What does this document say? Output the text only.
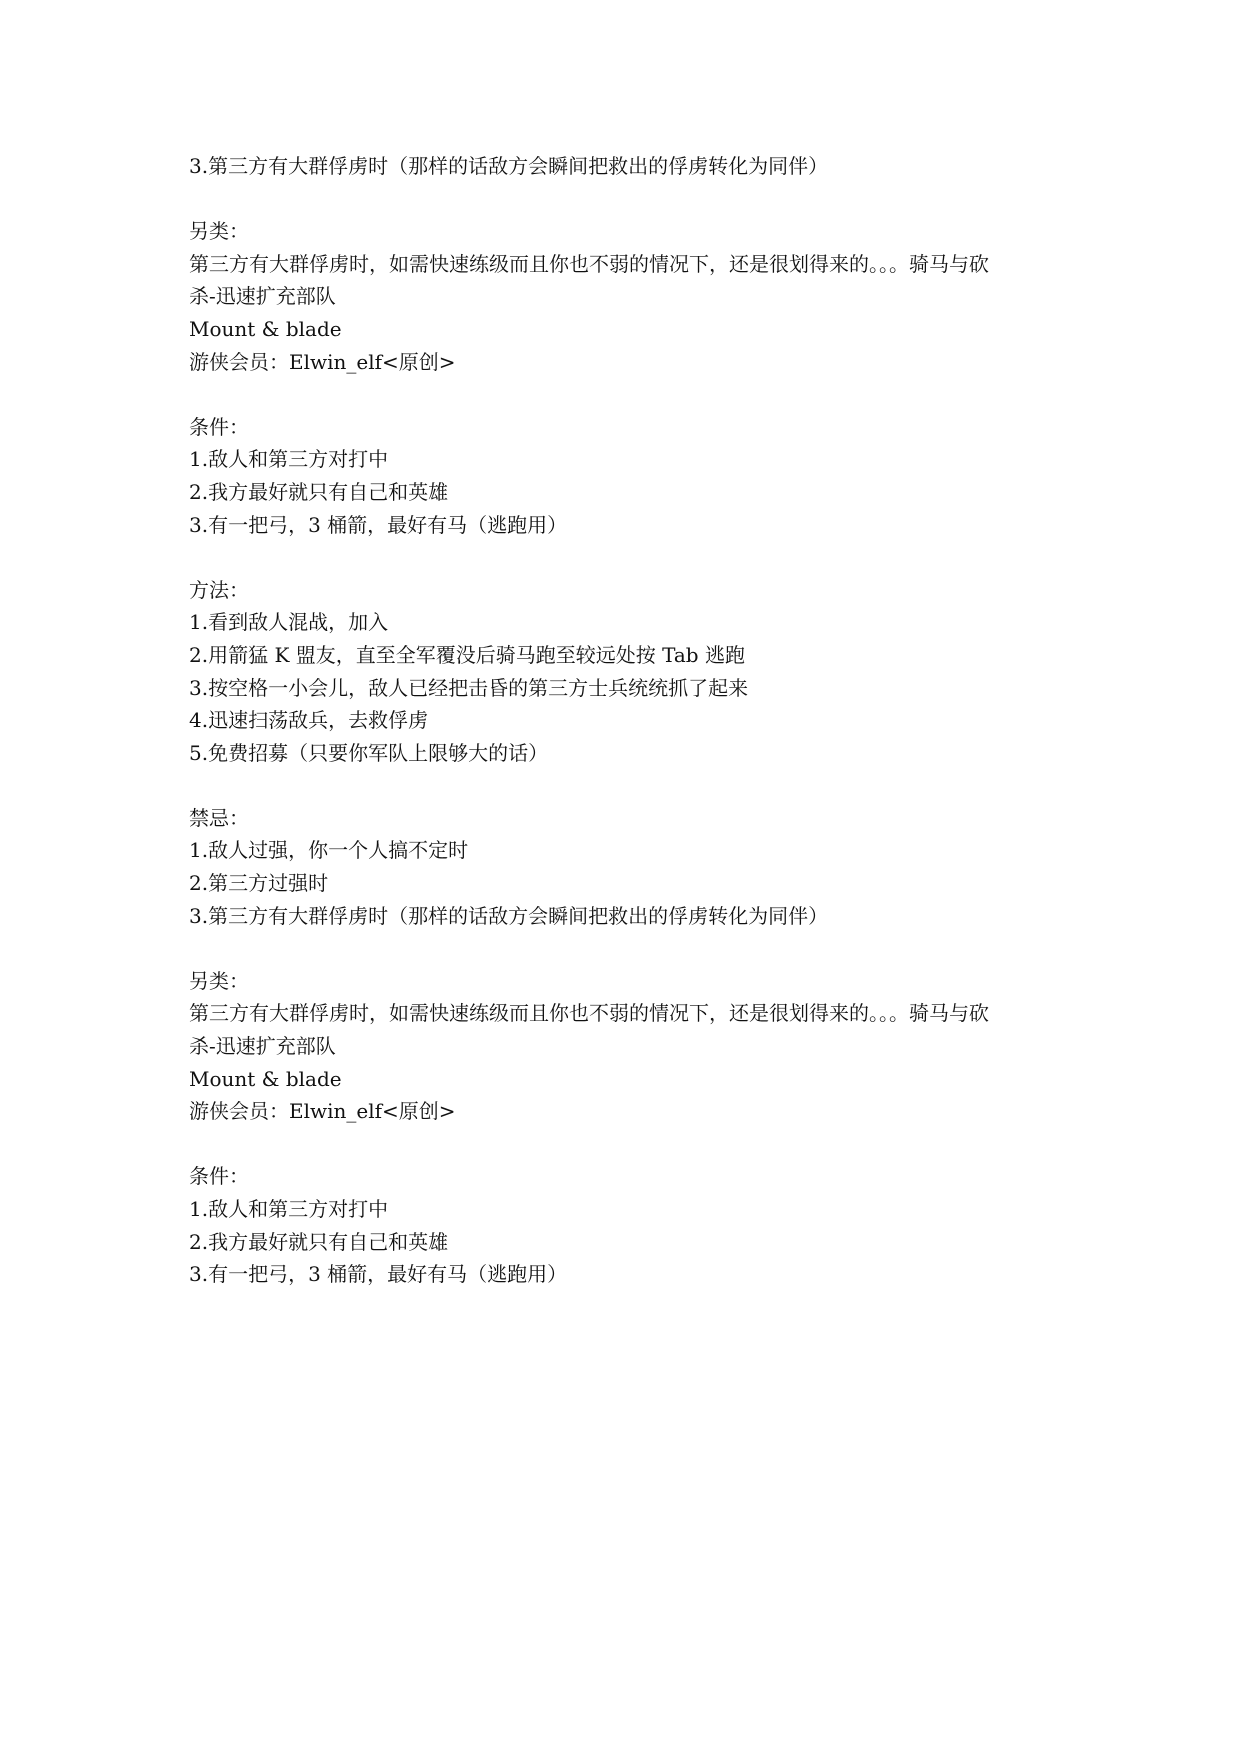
3.第三方有大群俘虏时（那样的话敌方会瞬间把救出的俘虏转化为同伴）
另类：
第三方有大群俘虏时，如需快速练级而且你也不弱的情况下，还是很划得来的。。。骑马与砍
杀-迅速扩充部队
Mount & blade
游侠会员：Elwin_elf<原创>
条件：
1.敌人和第三方对打中
2.我方最好就只有自己和英雄
3.有一把弓，3 桶箭，最好有马（逃跑用）
方法：
1.看到敌人混战，加入
2.用箭猛 K 盟友，直至全军覆没后骑马跑至较远处按 Tab 逃跑
3.按空格一小会儿，敌人已经把击昏的第三方士兵统统抓了起来
4.迅速扫荡敌兵，去救俘虏
5.免费招募（只要你军队上限够大的话）
禁忌：
1.敌人过强，你一个人搞不定时
2.第三方过强时
3.第三方有大群俘虏时（那样的话敌方会瞬间把救出的俘虏转化为同伴）
另类：
第三方有大群俘虏时，如需快速练级而且你也不弱的情况下，还是很划得来的。。。骑马与砍
杀-迅速扩充部队
Mount & blade
游侠会员：Elwin_elf<原创>
条件：
1.敌人和第三方对打中
2.我方最好就只有自己和英雄
3.有一把弓，3 桶箭，最好有马（逃跑用）
